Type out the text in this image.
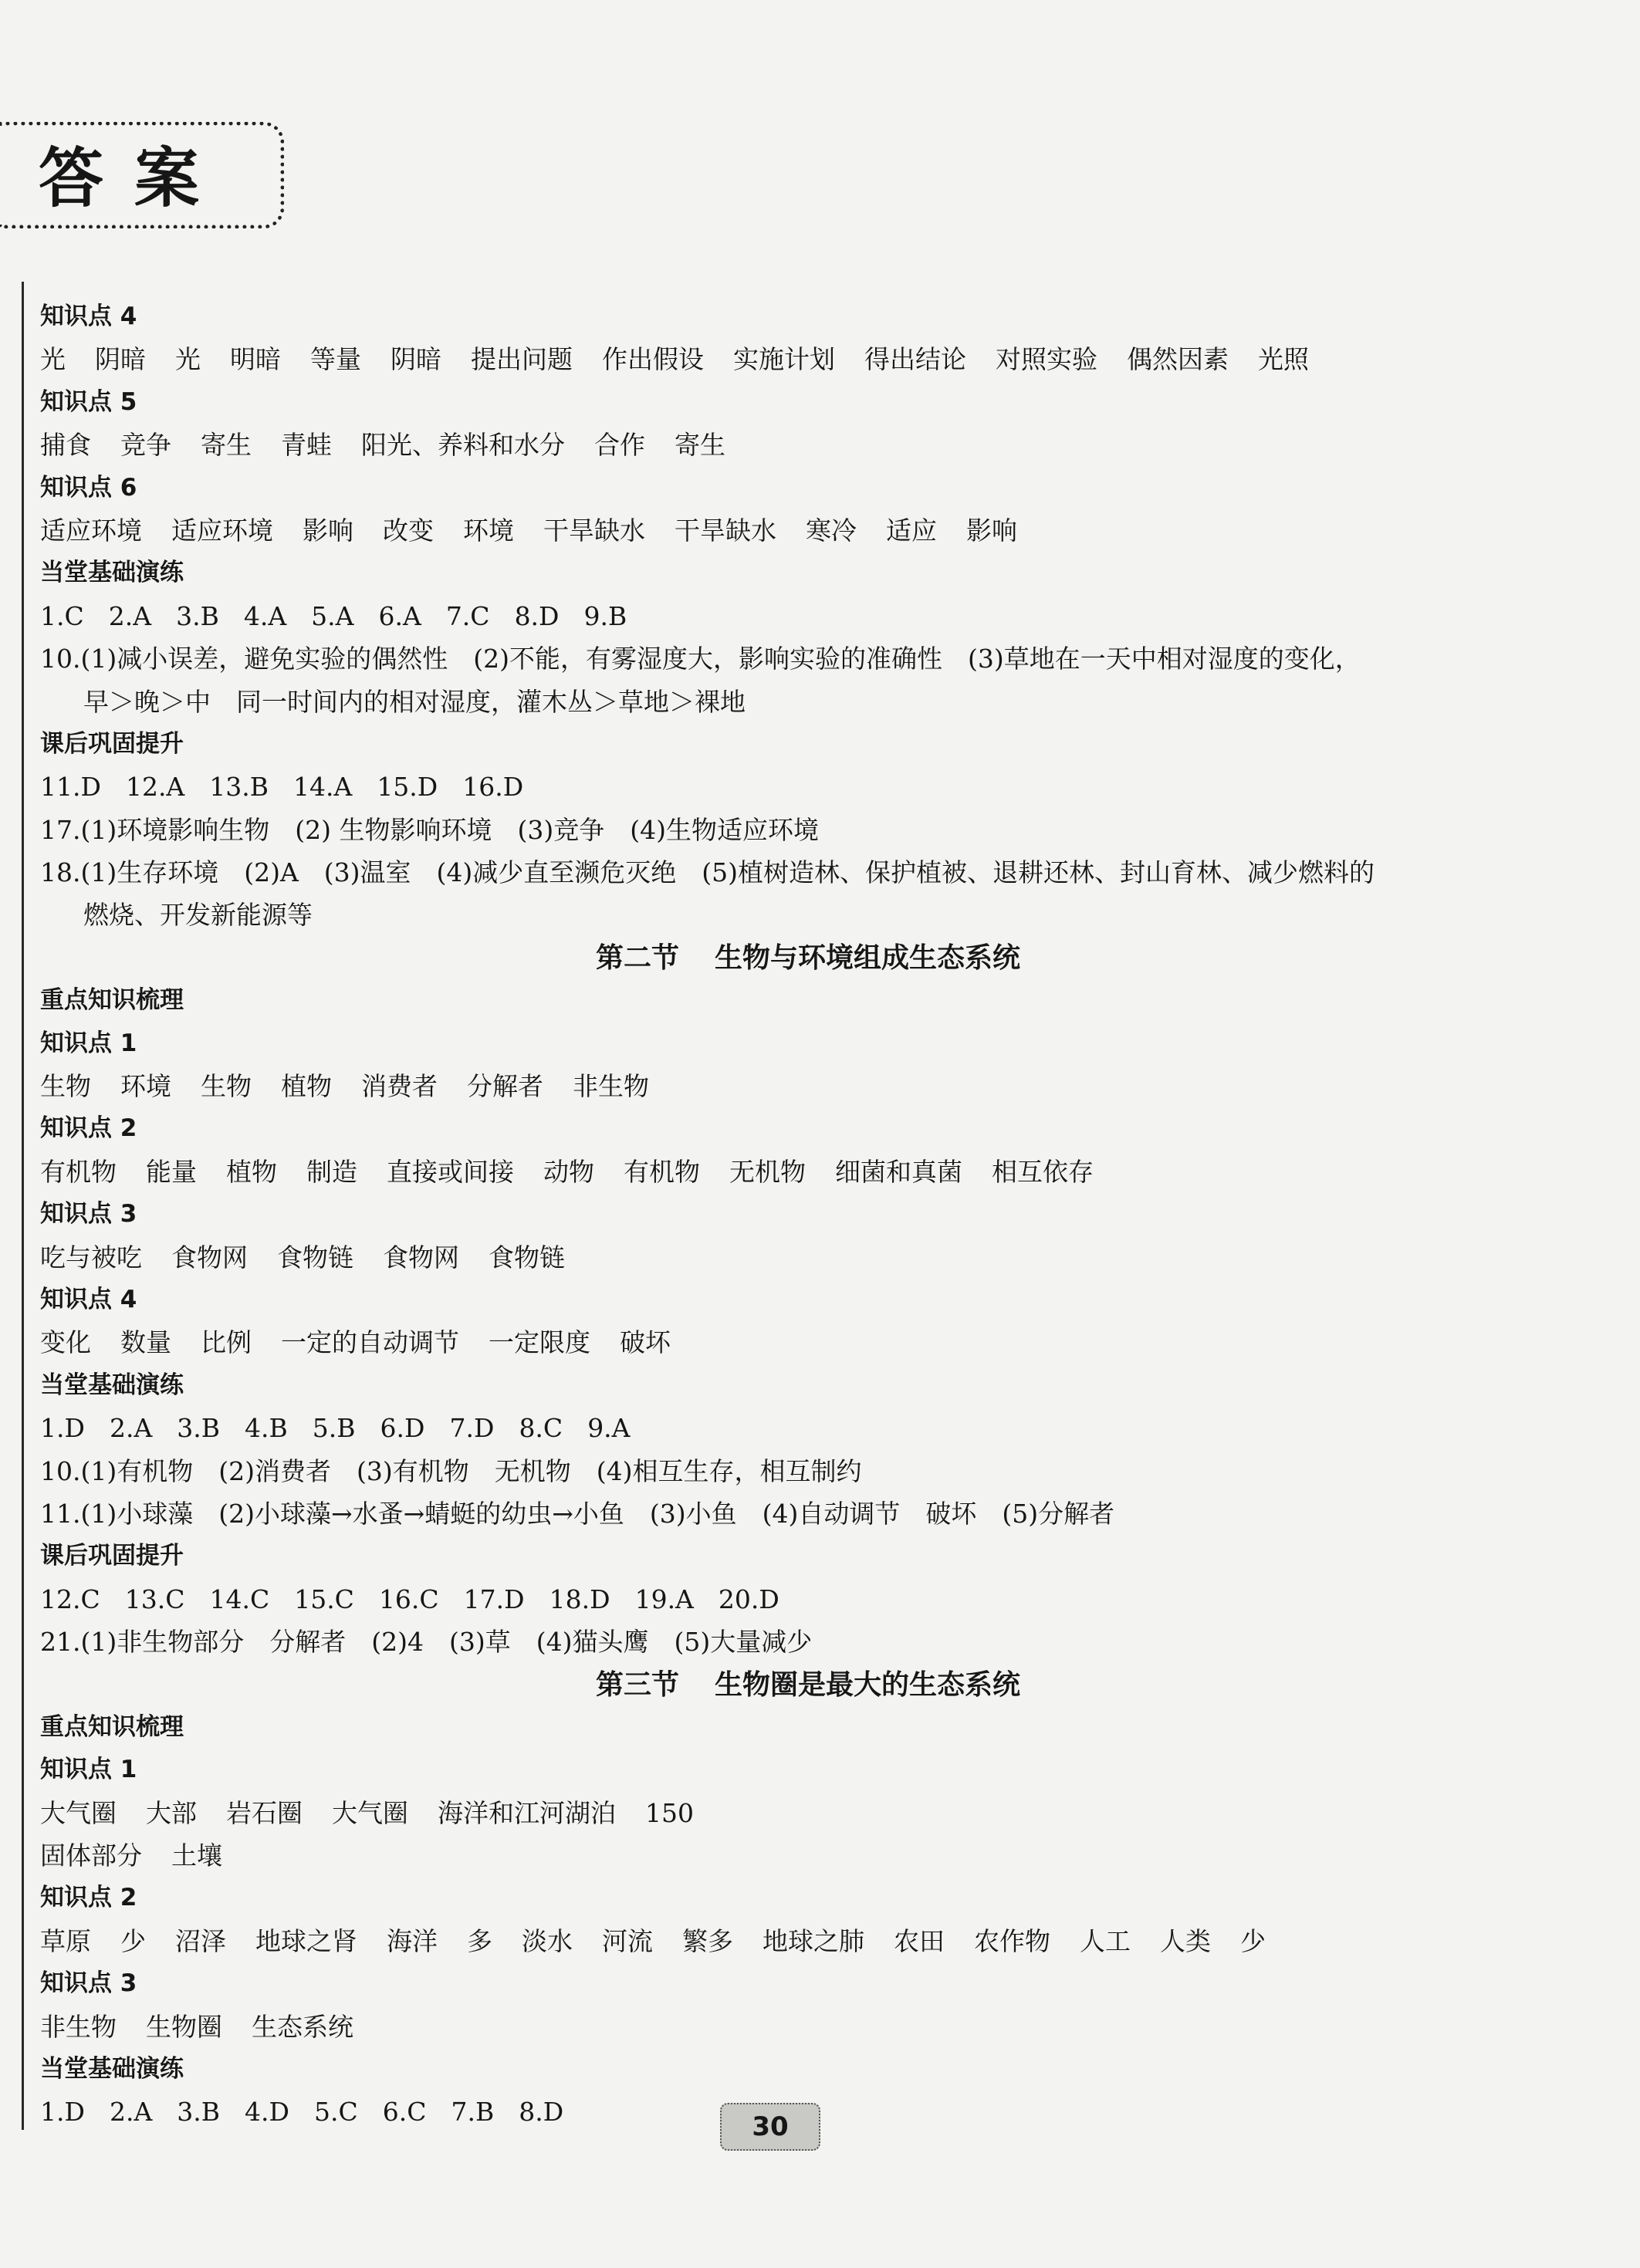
答案
知识点 4
光 阴暗 光 明暗 等量 阴暗 提出问题 作出假设 实施计划 得出结论 对照实验 偶然因素 光照
知识点 5
捕食 竞争 寄生 青蛙 阳光、养料和水分 合作 寄生
知识点 6
适应环境 适应环境 影响 改变 环境 干旱缺水 干旱缺水 寒冷 适应 影响
当堂基础演练
1.C 2.A 3.B 4.A 5.A 6.A 7.C 8.D 9.B
10.(1)减小误差，避免实验的偶然性　(2)不能，有雾湿度大，影响实验的准确性　(3)草地在一天中相对湿度的变化，
早＞晚＞中　同一时间内的相对湿度，灌木丛＞草地＞裸地
课后巩固提升
11.D 12.A 13.B 14.A 15.D 16.D
17.(1)环境影响生物　(2) 生物影响环境　(3)竞争　(4)生物适应环境
18.(1)生存环境　(2)A　(3)温室　(4)减少直至濒危灭绝　(5)植树造林、保护植被、退耕还林、封山育林、减少燃料的
燃烧、开发新能源等
第二节 生物与环境组成生态系统
重点知识梳理
知识点 1
生物 环境 生物 植物 消费者 分解者 非生物
知识点 2
有机物 能量 植物 制造 直接或间接 动物 有机物 无机物 细菌和真菌 相互依存
知识点 3
吃与被吃 食物网 食物链 食物网 食物链
知识点 4
变化 数量 比例 一定的自动调节 一定限度 破坏
当堂基础演练
1.D 2.A 3.B 4.B 5.B 6.D 7.D 8.C 9.A
10.(1)有机物　(2)消费者　(3)有机物　无机物　(4)相互生存，相互制约
11.(1)小球藻　(2)小球藻→水蚤→蜻蜓的幼虫→小鱼　(3)小鱼　(4)自动调节　破坏　(5)分解者
课后巩固提升
12.C 13.C 14.C 15.C 16.C 17.D 18.D 19.A 20.D
21.(1)非生物部分　分解者　(2)4　(3)草　(4)猫头鹰　(5)大量减少
第三节 生物圈是最大的生态系统
重点知识梳理
知识点 1
大气圈 大部 岩石圈 大气圈 海洋和江河湖泊 150
固体部分 土壤
知识点 2
草原 少 沼泽 地球之肾 海洋 多 淡水 河流 繁多 地球之肺 农田 农作物 人工 人类 少
知识点 3
非生物 生物圈 生态系统
当堂基础演练
1.D 2.A 3.B 4.D 5.C 6.C 7.B 8.D	30
